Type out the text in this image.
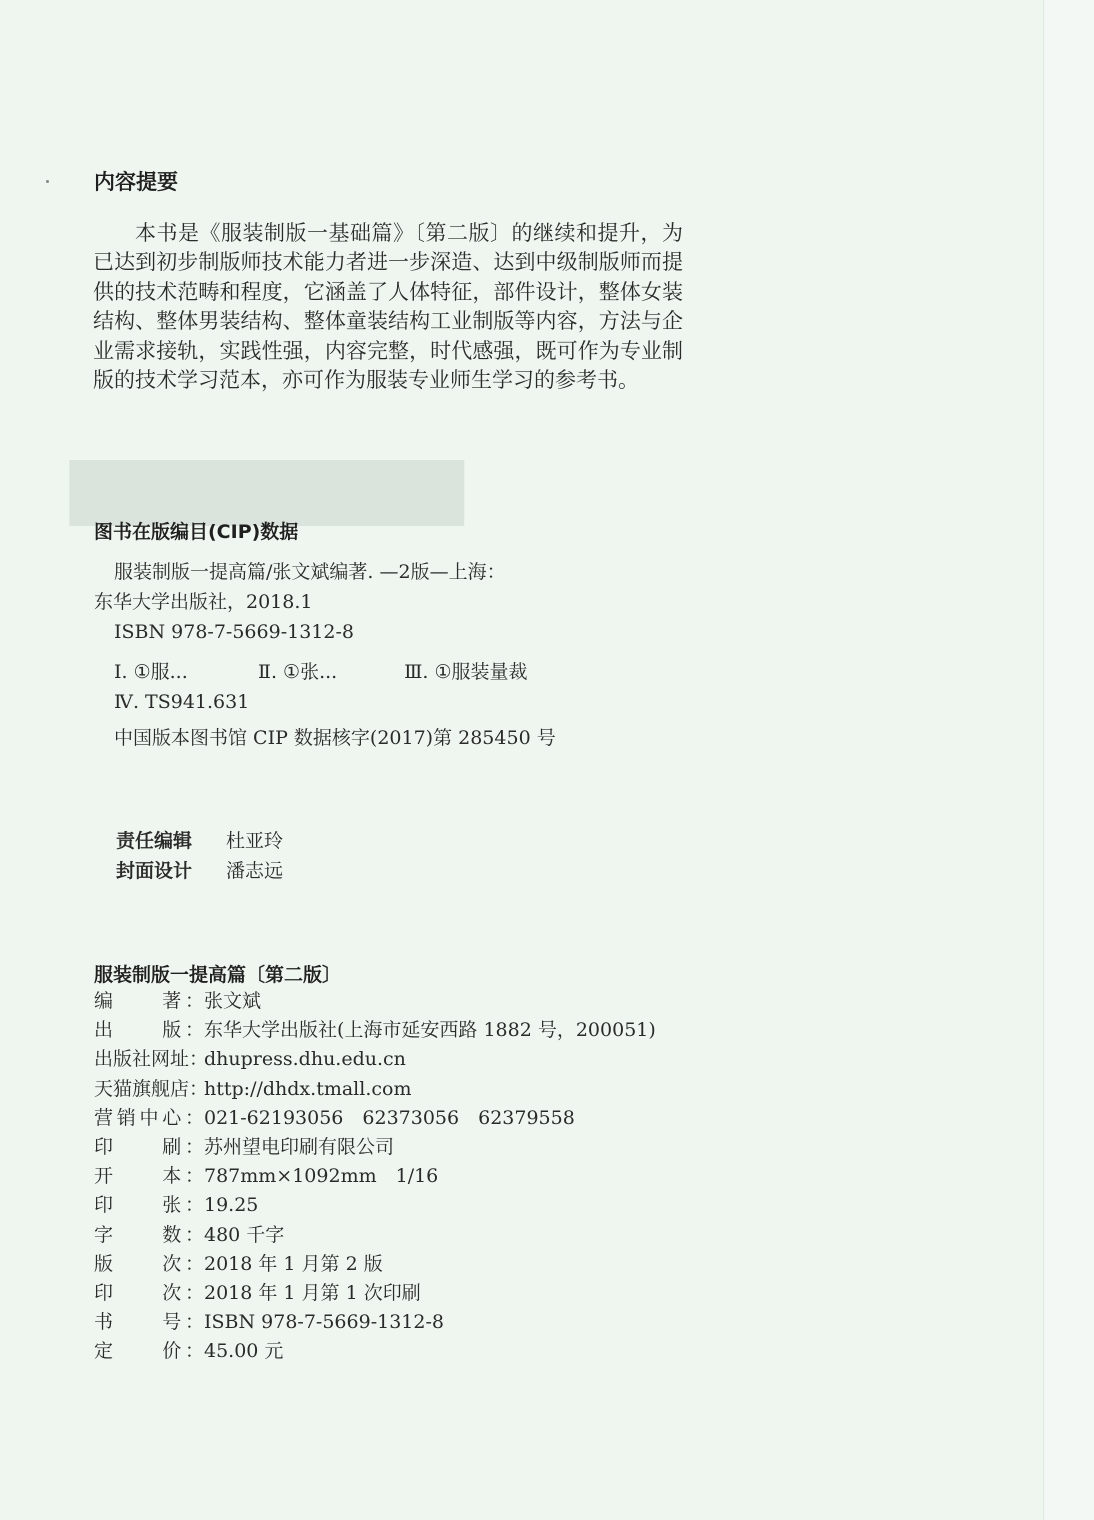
▇▇▇▇▇▇▇▇
内容提要

本书是《服装制版一基础篇》〔第二版〕的继续和提升，为已达到初步制版师技术能力者进一步深造、达到中级制版师而提供的技术范畴和程度，它涵盖了人体特征，部件设计，整体女装结构、整体男装结构、整体童装结构工业制版等内容，方法与企业需求接轨，实践性强，内容完整，时代感强，既可作为专业制版的技术学习范本，亦可作为服装专业师生学习的参考书。

图书在版编目(CIP)数据
服装制版一提高篇/张文斌编著. —2版—上海：
东华大学出版社，2018.1
ISBN 978-7-5669-1312-8
Ⅰ. ①服...	Ⅱ. ①张...	Ⅲ. ①服装量裁
Ⅳ. TS941.631
中国版本图书馆 CIP 数据核字(2017)第 285450 号
责任编辑 杜亚玲
封面设计 潘志远
服装制版一提高篇〔第二版〕
编　　著：张文斌
出　　版：东华大学出版社(上海市延安西路 1882 号，200051)
出版社网址：dhupress.dhu.edu.cn
天猫旗舰店：http://dhdx.tmall.com
营销中心：021-62193056　62373056　62379558
印　　刷：苏州望电印刷有限公司
开　　本：787mm×1092mm　1/16
印　　张：19.25
字　　数：480 千字
版　　次：2018 年 1 月第 2 版
印　　次：2018 年 1 月第 1 次印刷
书　　号：ISBN 978-7-5669-1312-8
定　　价：45.00 元
